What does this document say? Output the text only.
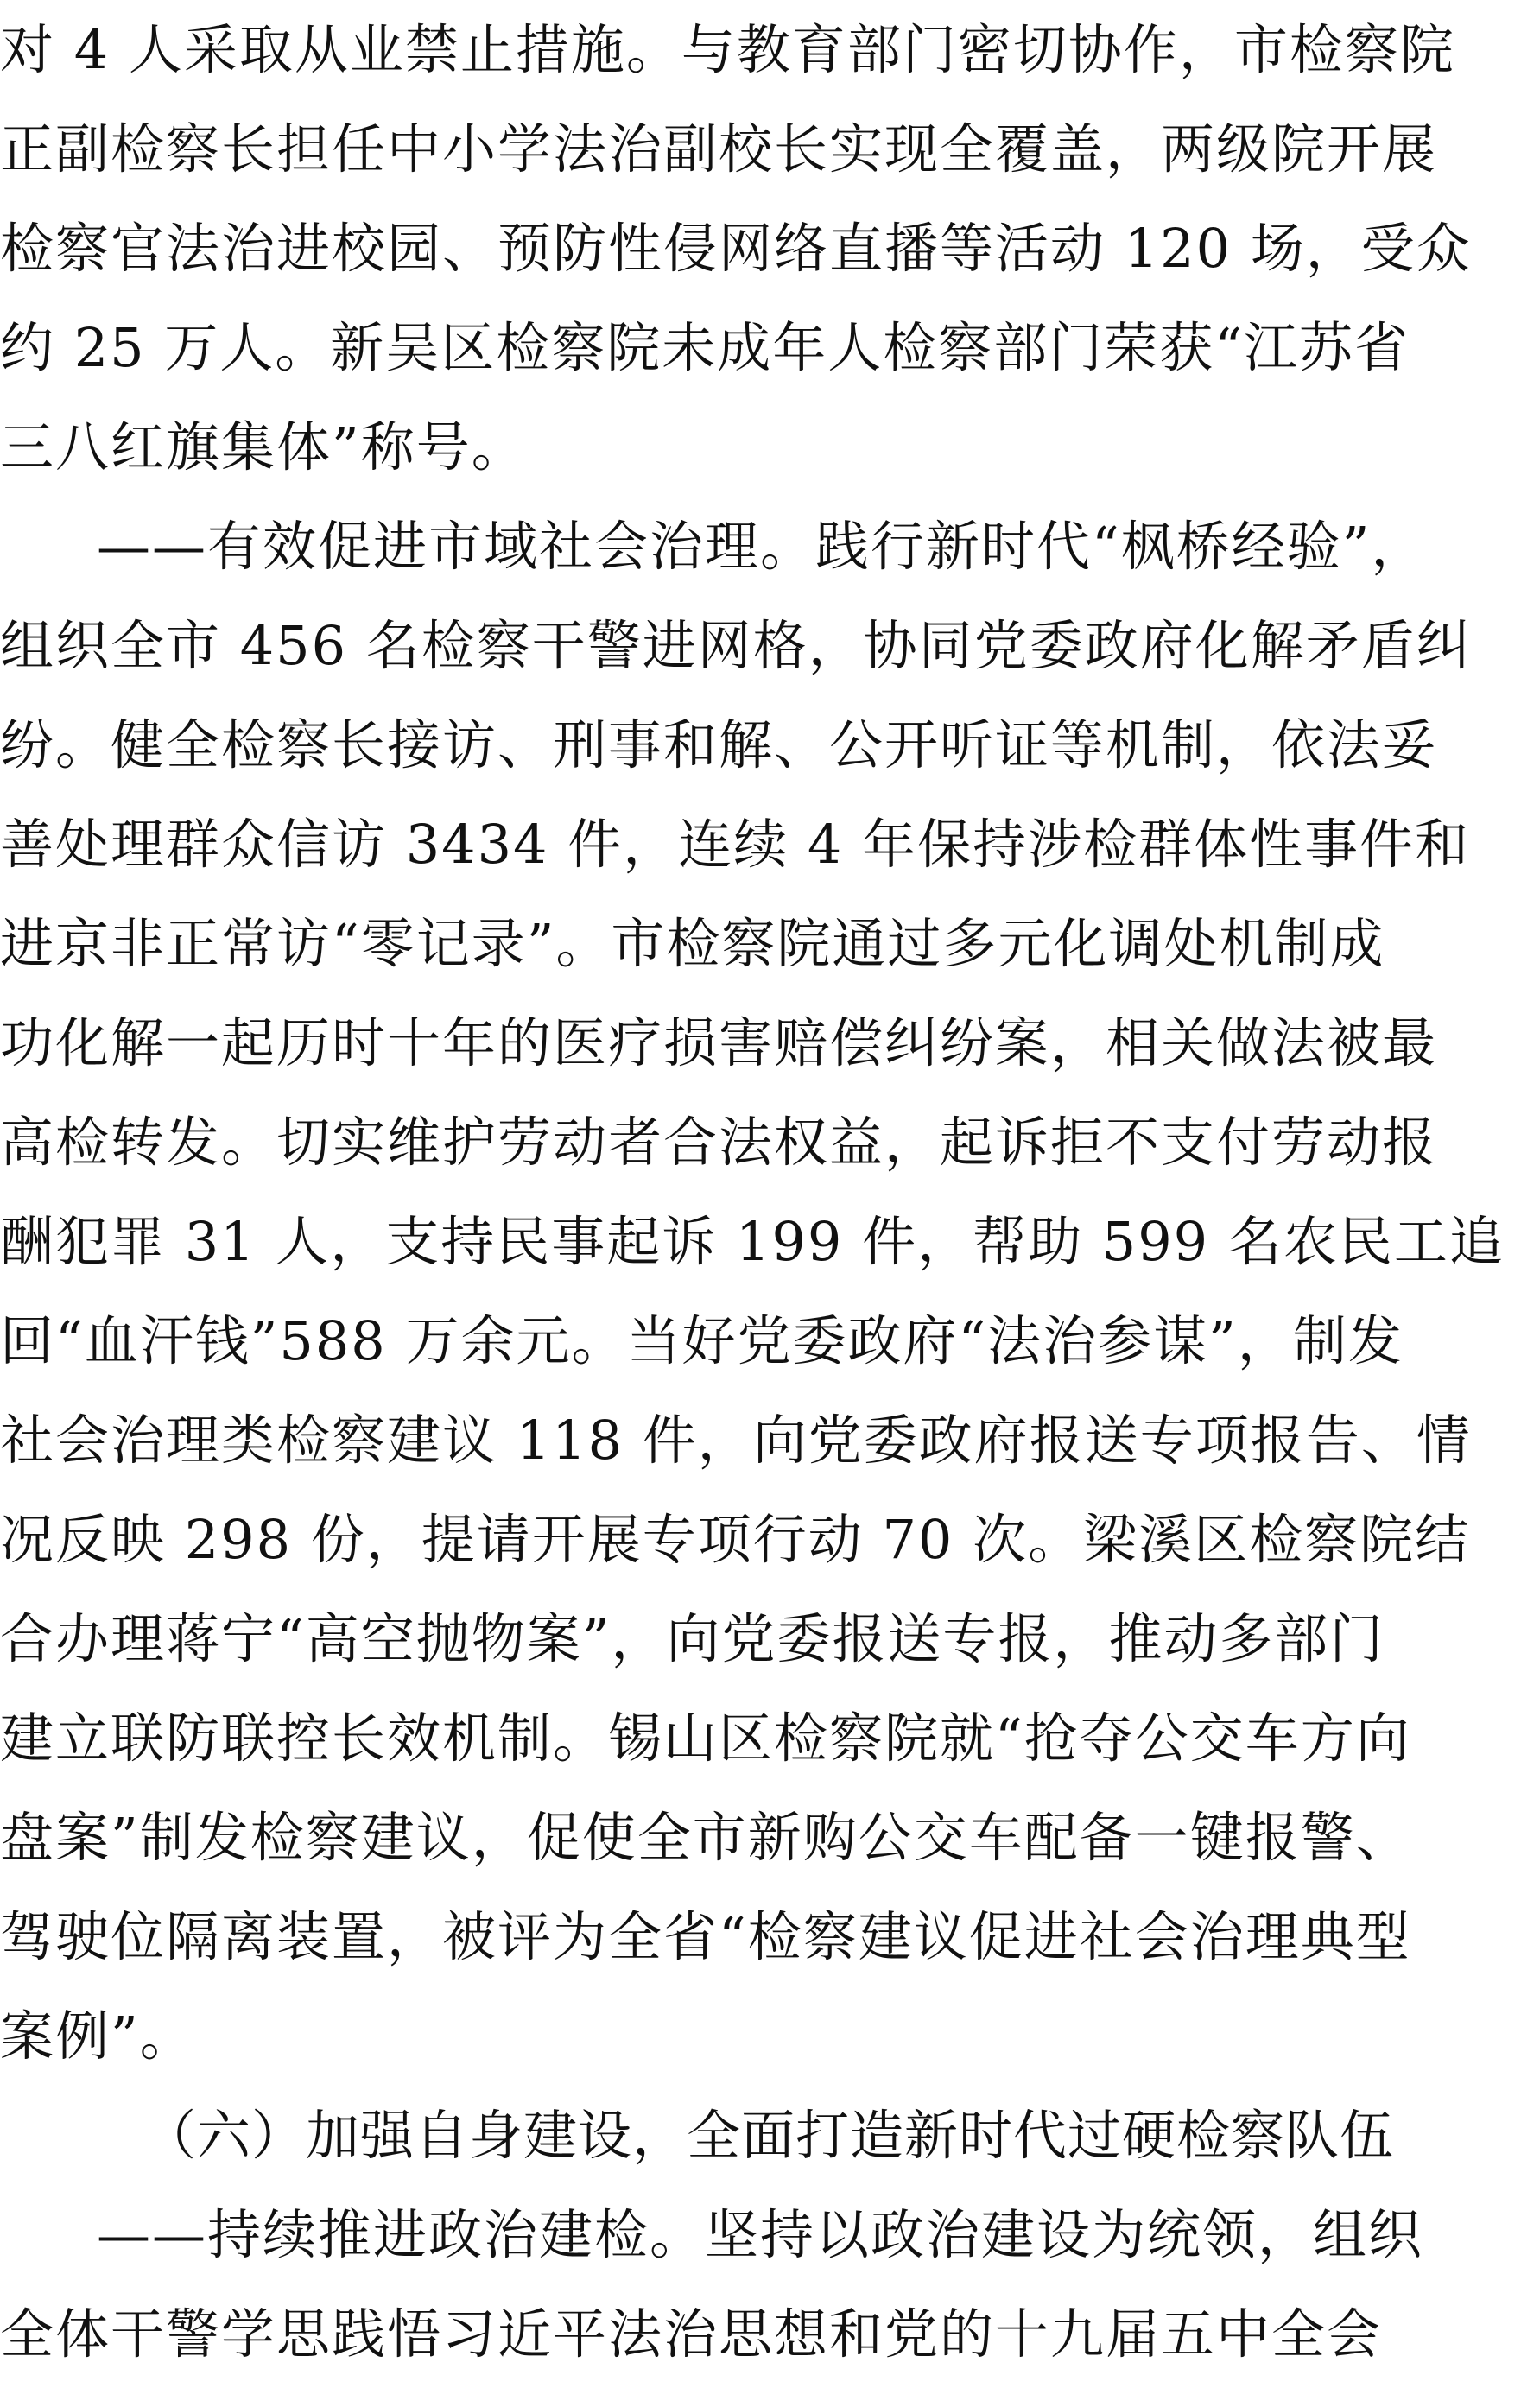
对 4 人采取从业禁止措施。与教育部门密切协作，市检察院
正副检察长担任中小学法治副校长实现全覆盖，两级院开展
检察官法治进校园、预防性侵网络直播等活动 120 场，受众
约 25 万人。新吴区检察院未成年人检察部门荣获“江苏省
三八红旗集体”称号。
——有效促进市域社会治理。践行新时代“枫桥经验”，
组织全市 456 名检察干警进网格，协同党委政府化解矛盾纠
纷。健全检察长接访、刑事和解、公开听证等机制，依法妥
善处理群众信访 3434 件，连续 4 年保持涉检群体性事件和
进京非正常访“零记录”。市检察院通过多元化调处机制成
功化解一起历时十年的医疗损害赔偿纠纷案，相关做法被最
高检转发。切实维护劳动者合法权益，起诉拒不支付劳动报
酬犯罪 31 人，支持民事起诉 199 件，帮助 599 名农民工追
回“血汗钱”588 万余元。当好党委政府“法治参谋”，制发
社会治理类检察建议 118 件，向党委政府报送专项报告、情
况反映 298 份，提请开展专项行动 70 次。梁溪区检察院结
合办理蒋宁“高空抛物案”，向党委报送专报，推动多部门
建立联防联控长效机制。锡山区检察院就“抢夺公交车方向
盘案”制发检察建议，促使全市新购公交车配备一键报警、
驾驶位隔离装置，被评为全省“检察建议促进社会治理典型
案例”。
（六）加强自身建设，全面打造新时代过硬检察队伍
——持续推进政治建检。坚持以政治建设为统领，组织
全体干警学思践悟习近平法治思想和党的十九届五中全会
